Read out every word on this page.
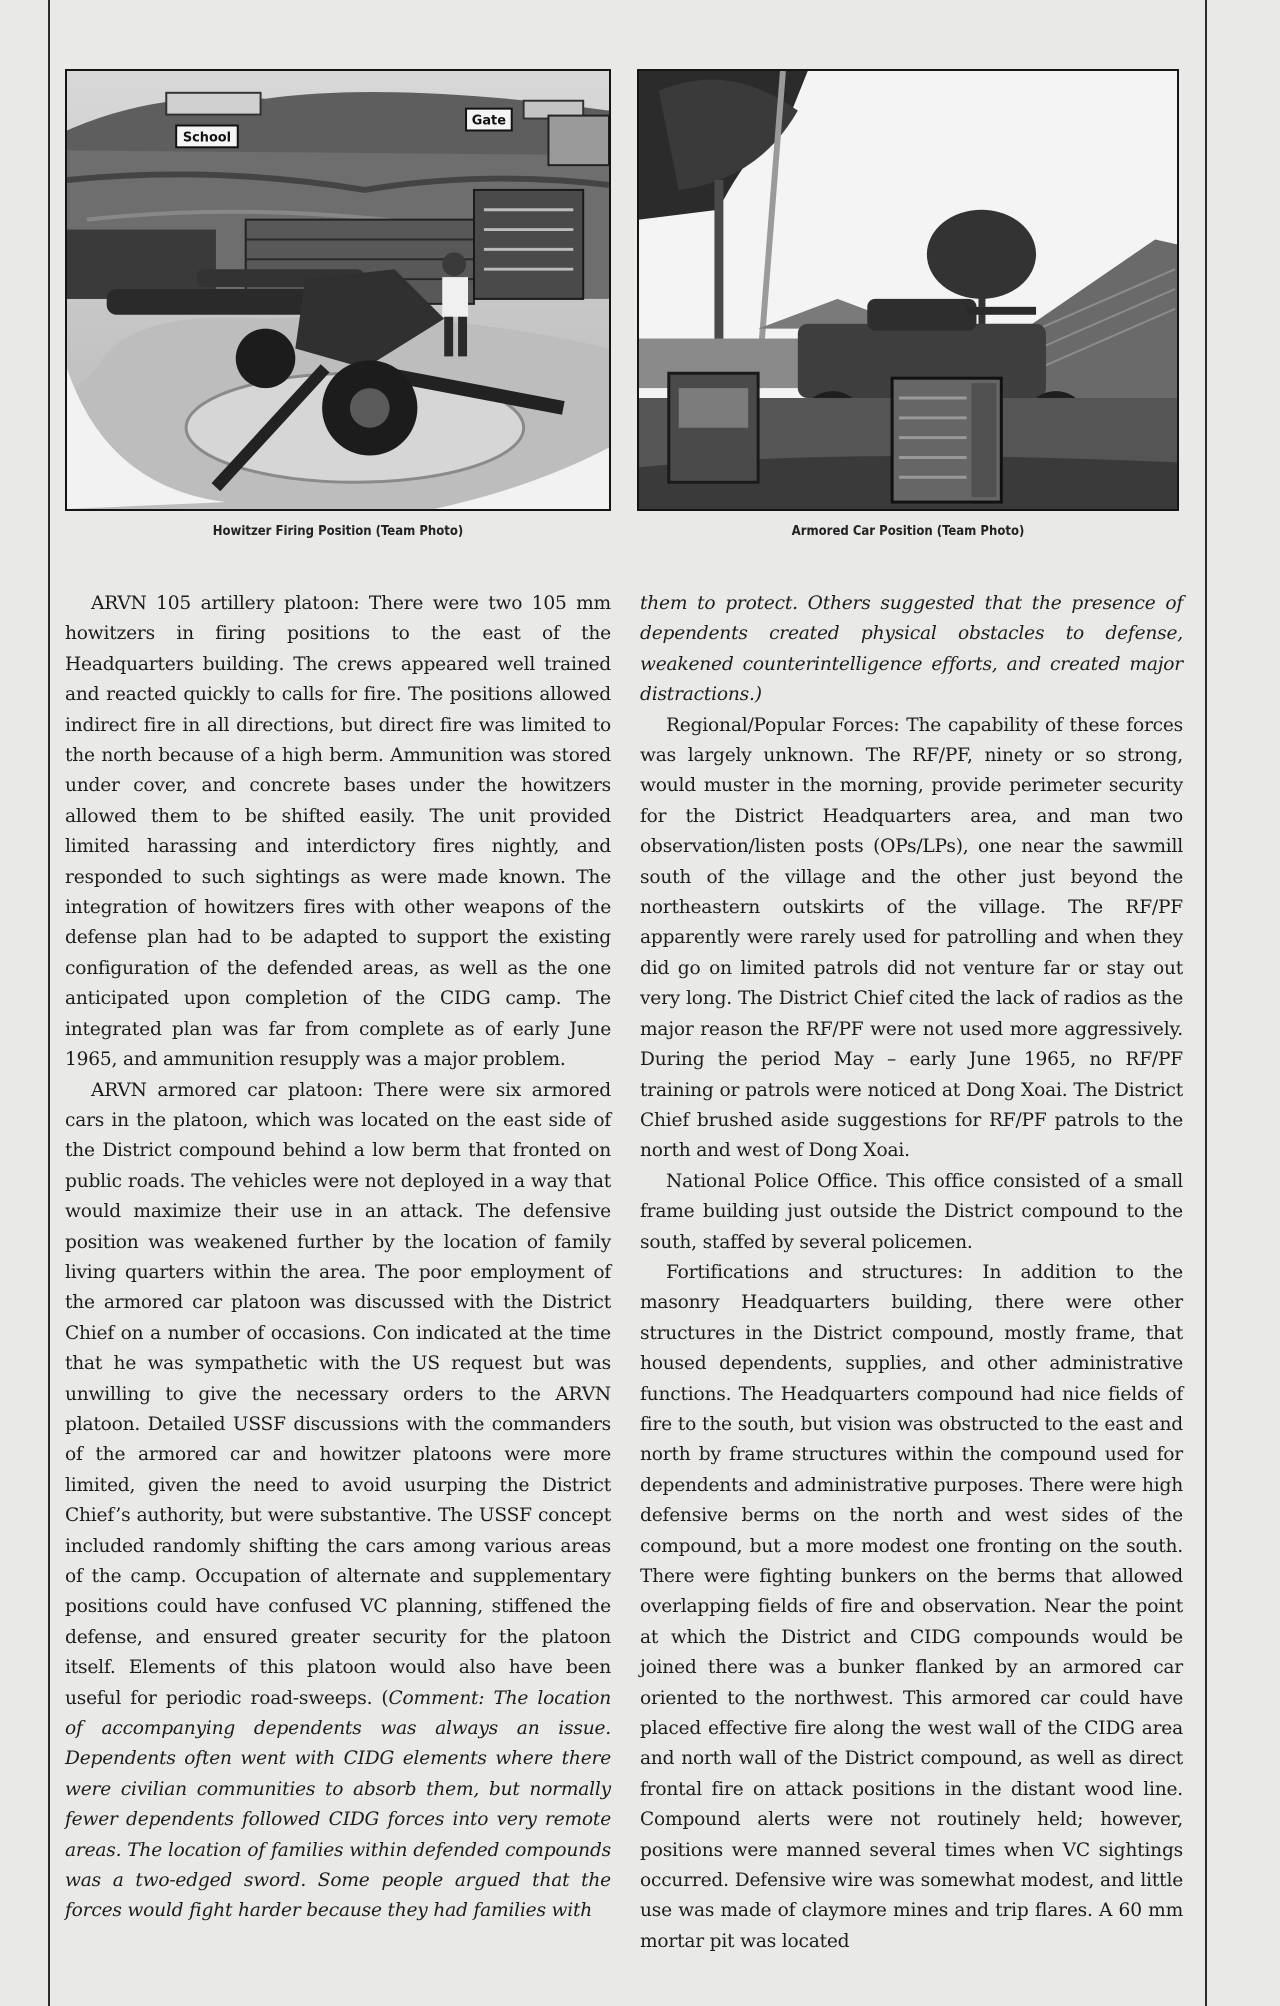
School
Gate
Howitzer Firing Position (Team Photo)	Armored Car Position (Team Photo)

ARVN 105 artillery platoon: There were two 105 mm howitzers in firing positions to the east of the Headquarters building. The crews appeared well trained and reacted quickly to calls for fire. The positions allowed indirect fire in all directions, but direct fire was limited to the north because of a high berm. Ammunition was stored under cover, and concrete bases under the howitzers allowed them to be shifted easily. The unit provided limited harassing and interdictory fires nightly, and responded to such sightings as were made known. The integration of howitzers fires with other weapons of the defense plan had to be adapted to support the existing configuration of the defended areas, as well as the one anticipated upon completion of the CIDG camp. The integrated plan was far from complete as of early June 1965, and ammunition resupply was a major problem.

ARVN armored car platoon: There were six armored cars in the platoon, which was located on the east side of the District compound behind a low berm that fronted on public roads. The vehicles were not deployed in a way that would maximize their use in an attack. The defensive position was weakened further by the location of family living quarters within the area. The poor employment of the armored car platoon was discussed with the District Chief on a number of occasions. Con indicated at the time that he was sympathetic with the US request but was unwilling to give the necessary orders to the ARVN platoon. Detailed USSF discussions with the commanders of the armored car and howitzer platoons were more limited, given the need to avoid usurping the District Chief’s authority, but were substantive. The USSF concept included randomly shifting the cars among various areas of the camp. Occupation of alternate and supplementary positions could have confused VC planning, stiffened the defense, and ensured greater security for the platoon itself. Elements of this platoon would also have been useful for periodic road-sweeps. (Comment: The location of accompanying dependents was always an issue. Dependents often went with CIDG elements where there were civilian communities to absorb them, but normally fewer dependents followed CIDG forces into very remote areas. The location of families within defended compounds was a two-edged sword. Some people argued that the forces would fight harder because they had families with

them to protect. Others suggested that the presence of dependents created physical obstacles to defense, weakened counterintelligence efforts, and created major distractions.)

Regional/Popular Forces: The capability of these forces was largely unknown. The RF/PF, ninety or so strong, would muster in the morning, provide perimeter security for the District Headquarters area, and man two observation/listen posts (OPs/LPs), one near the sawmill south of the village and the other just beyond the northeastern outskirts of the village. The RF/PF apparently were rarely used for patrolling and when they did go on limited patrols did not venture far or stay out very long. The District Chief cited the lack of radios as the major reason the RF/PF were not used more aggressively. During the period May – early June 1965, no RF/PF training or patrols were noticed at Dong Xoai. The District Chief brushed aside suggestions for RF/PF patrols to the north and west of Dong Xoai.

National Police Office. This office consisted of a small frame building just outside the District compound to the south, staffed by several policemen.

Fortifications and structures: In addition to the masonry Headquarters building, there were other structures in the District compound, mostly frame, that housed dependents, supplies, and other administrative functions. The Headquarters compound had nice fields of fire to the south, but vision was obstructed to the east and north by frame structures within the compound used for dependents and administrative purposes. There were high defensive berms on the north and west sides of the compound, but a more modest one fronting on the south. There were fighting bunkers on the berms that allowed overlapping fields of fire and observation. Near the point at which the District and CIDG compounds would be joined there was a bunker flanked by an armored car oriented to the northwest. This armored car could have placed effective fire along the west wall of the CIDG area and north wall of the District compound, as well as direct frontal fire on attack positions in the distant wood line. Compound alerts were not routinely held; however, positions were manned several times when VC sightings occurred. Defensive wire was somewhat modest, and little use was made of claymore mines and trip flares. A 60 mm mortar pit was located
